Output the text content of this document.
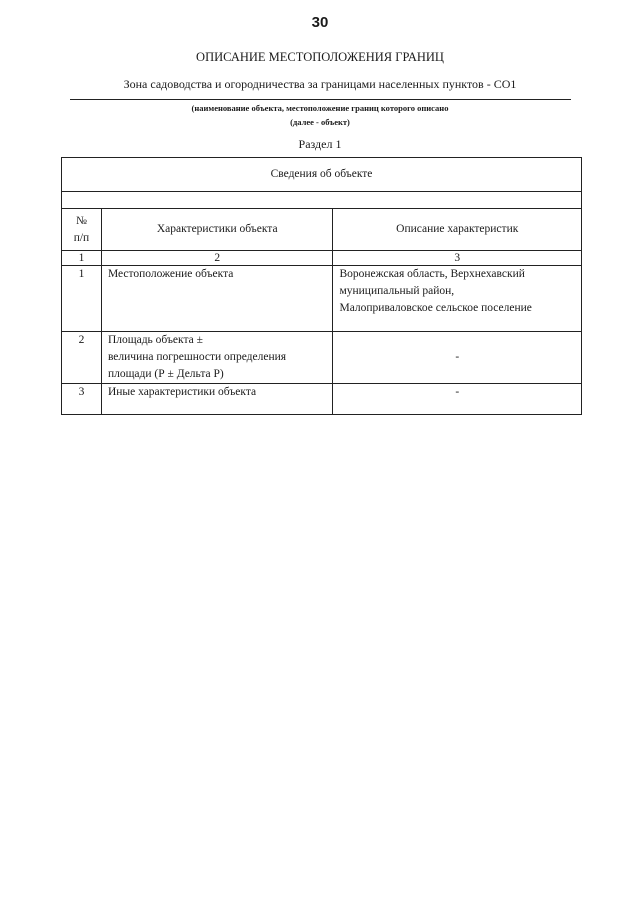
30
ОПИСАНИЕ МЕСТОПОЛОЖЕНИЯ ГРАНИЦ
Зона садоводства и огородничества за границами населенных пунктов - СО1
(наименование объекта, местоположение границ которого описано
(далее - объект)
Раздел 1
Сведения об объекте		

№
п/п	Характеристики объекта	Описание характеристик
1	2	3
1	Местоположение объекта	Воронежская область, Верхнехавский
муниципальный район,
Малоприваловское сельское поселение

2	Площадь объекта ±
величина погрешности определения
площади (Р ± Дельта Р)	-
3	Иные характеристики объекта	-
